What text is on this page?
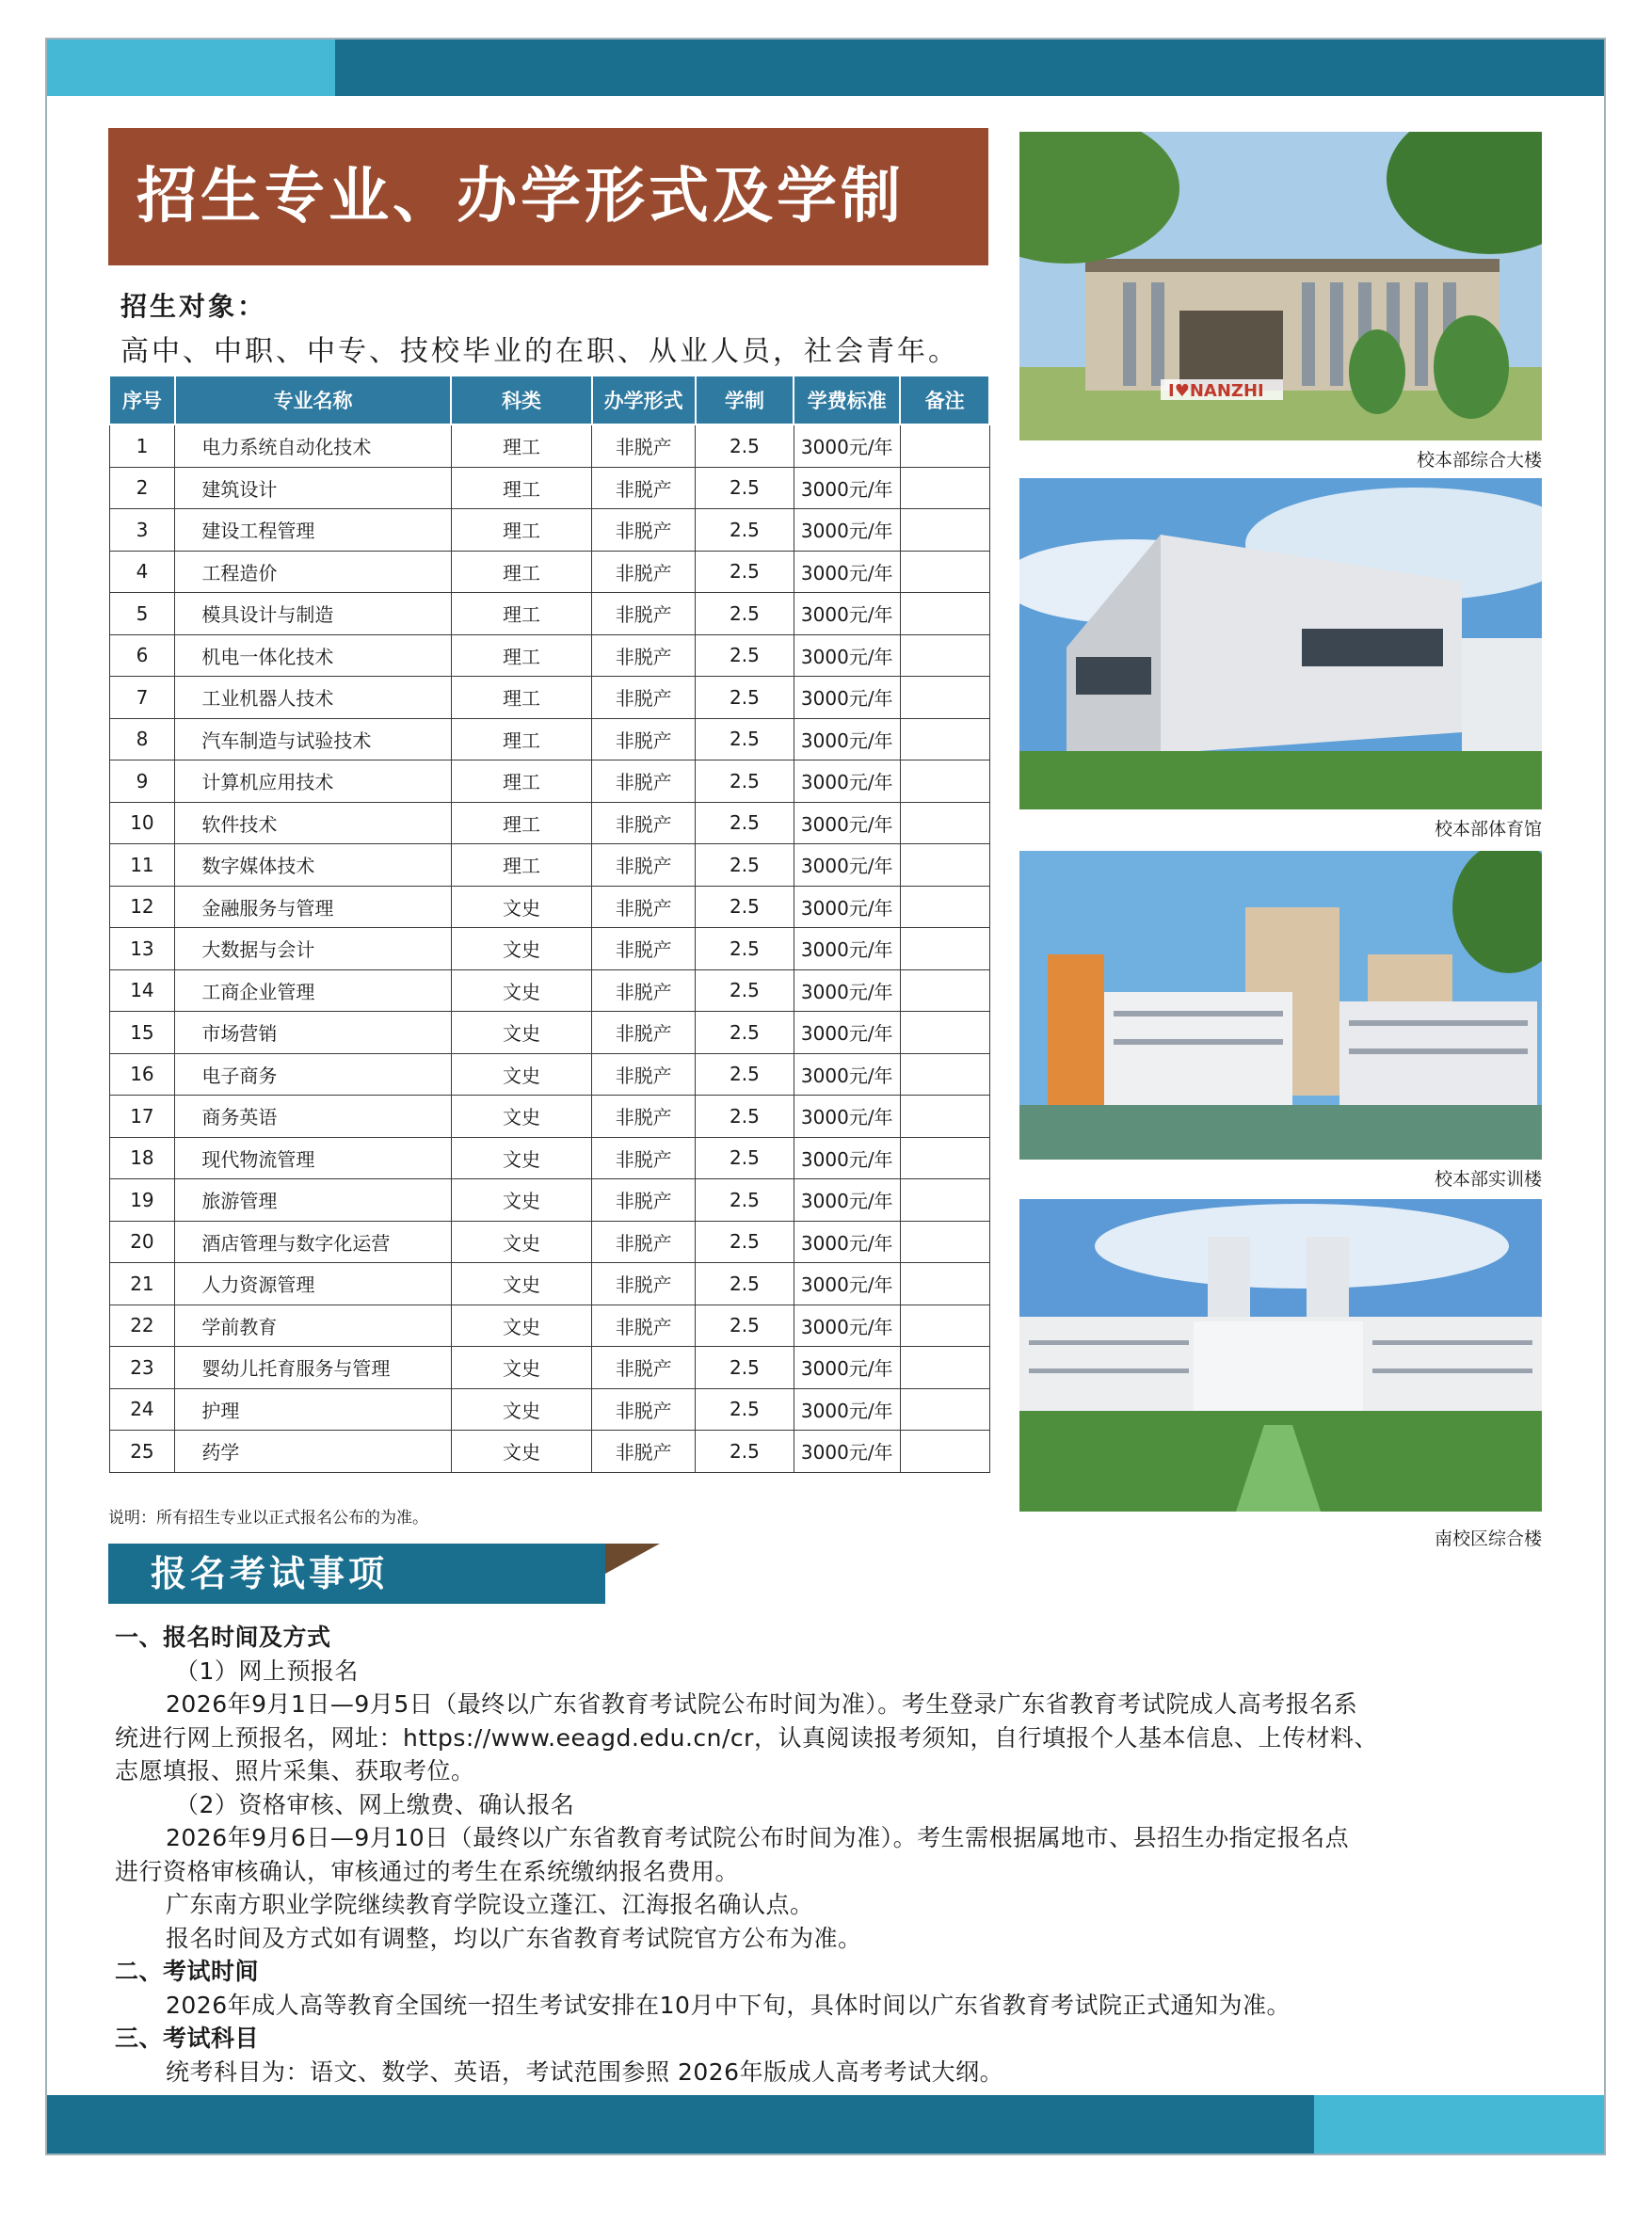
招生专业、办学形式及学制
招生对象：
高中、中职、中专、技校毕业的在职、从业人员，社会青年。
序号	专业名称	科类	办学形式	学制	学费标准	备注
1	电力系统自动化技术	理工	非脱产	2.5	3000元/年	
2	建筑设计	理工	非脱产	2.5	3000元/年	
3	建设工程管理	理工	非脱产	2.5	3000元/年	
4	工程造价	理工	非脱产	2.5	3000元/年	
5	模具设计与制造	理工	非脱产	2.5	3000元/年	
6	机电一体化技术	理工	非脱产	2.5	3000元/年	
7	工业机器人技术	理工	非脱产	2.5	3000元/年	
8	汽车制造与试验技术	理工	非脱产	2.5	3000元/年	
9	计算机应用技术	理工	非脱产	2.5	3000元/年	
10	软件技术	理工	非脱产	2.5	3000元/年	
11	数字媒体技术	理工	非脱产	2.5	3000元/年	
12	金融服务与管理	文史	非脱产	2.5	3000元/年	
13	大数据与会计	文史	非脱产	2.5	3000元/年	
14	工商企业管理	文史	非脱产	2.5	3000元/年	
15	市场营销	文史	非脱产	2.5	3000元/年	
16	电子商务	文史	非脱产	2.5	3000元/年	
17	商务英语	文史	非脱产	2.5	3000元/年	
18	现代物流管理	文史	非脱产	2.5	3000元/年	
19	旅游管理	文史	非脱产	2.5	3000元/年	
20	酒店管理与数字化运营	文史	非脱产	2.5	3000元/年	
21	人力资源管理	文史	非脱产	2.5	3000元/年	
22	学前教育	文史	非脱产	2.5	3000元/年	
23	婴幼儿托育服务与管理	文史	非脱产	2.5	3000元/年	
24	护理	文史	非脱产	2.5	3000元/年	
25	药学	文史	非脱产	2.5	3000元/年	
说明：所有招生专业以正式报名公布的为准。
I♥NANZHI
校本部综合大楼
校本部体育馆
校本部实训楼
南校区综合楼
报名考试事项

一、报名时间及方式

（1）网上预报名

2026年9月1日—9月5日（最终以广东省教育考试院公布时间为准）。考生登录广东省教育考试院成人高考报名系

统进行网上预报名，网址：https://www.eeagd.edu.cn/cr，认真阅读报考须知，自行填报个人基本信息、上传材料、

志愿填报、照片采集、获取考位。

（2）资格审核、网上缴费、确认报名

2026年9月6日—9月10日（最终以广东省教育考试院公布时间为准）。考生需根据属地市、县招生办指定报名点

进行资格审核确认，审核通过的考生在系统缴纳报名费用。

广东南方职业学院继续教育学院设立蓬江、江海报名确认点。

报名时间及方式如有调整，均以广东省教育考试院官方公布为准。

二、考试时间

2026年成人高等教育全国统一招生考试安排在10月中下旬，具体时间以广东省教育考试院正式通知为准。

三、考试科目

统考科目为：语文、数学、英语，考试范围参照 2026年版成人高考考试大纲。
